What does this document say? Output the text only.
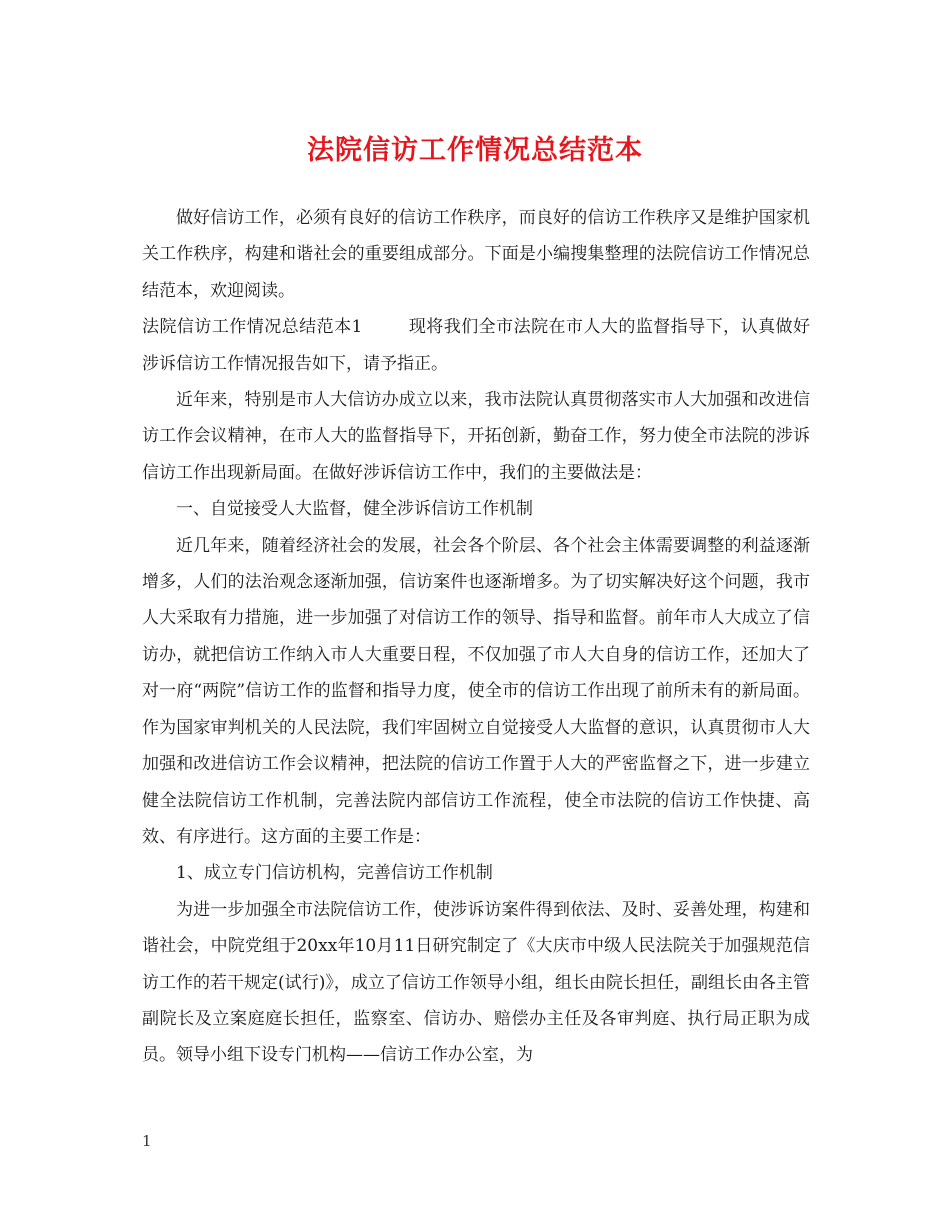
法院信访工作情况总结范本

做好信访工作，必须有良好的信访工作秩序，而良好的信访工作秩序又是维护国家机关工作秩序，构建和谐社会的重要组成部分。下面是小编搜集整理的法院信访工作情况总结范本，欢迎阅读。

法院信访工作情况总结范本1	现将我们全市法院在市人大的监督指导下，认真做好涉诉信访工作情况报告如下，请予指正。

近年来，特别是市人大信访办成立以来，我市法院认真贯彻落实市人大加强和改进信访工作会议精神，在市人大的监督指导下，开拓创新，勤奋工作，努力使全市法院的涉诉信访工作出现新局面。在做好涉诉信访工作中，我们的主要做法是：

一、自觉接受人大监督，健全涉诉信访工作机制

近几年来，随着经济社会的发展，社会各个阶层、各个社会主体需要调整的利益逐渐增多，人们的法治观念逐渐加强，信访案件也逐渐增多。为了切实解决好这个问题，我市人大采取有力措施，进一步加强了对信访工作的领导、指导和监督。前年市人大成立了信访办，就把信访工作纳入市人大重要日程，不仅加强了市人大自身的信访工作，还加大了对一府“两院”信访工作的监督和指导力度，使全市的信访工作出现了前所未有的新局面。作为国家审判机关的人民法院，我们牢固树立自觉接受人大监督的意识，认真贯彻市人大加强和改进信访工作会议精神，把法院的信访工作置于人大的严密监督之下，进一步建立健全法院信访工作机制，完善法院内部信访工作流程，使全市法院的信访工作快捷、高效、有序进行。这方面的主要工作是：

1、成立专门信访机构，完善信访工作机制

为进一步加强全市法院信访工作，使涉诉访案件得到依法、及时、妥善处理，构建和谐社会，中院党组于20xx年10月11日研究制定了《大庆市中级人民法院关于加强规范信访工作的若干规定(试行)》，成立了信访工作领导小组，组长由院长担任，副组长由各主管副院长及立案庭庭长担任，监察室、信访办、赔偿办主任及各审判庭、执行局正职为成员。领导小组下设专门机构——信访工作办公室，为

1
